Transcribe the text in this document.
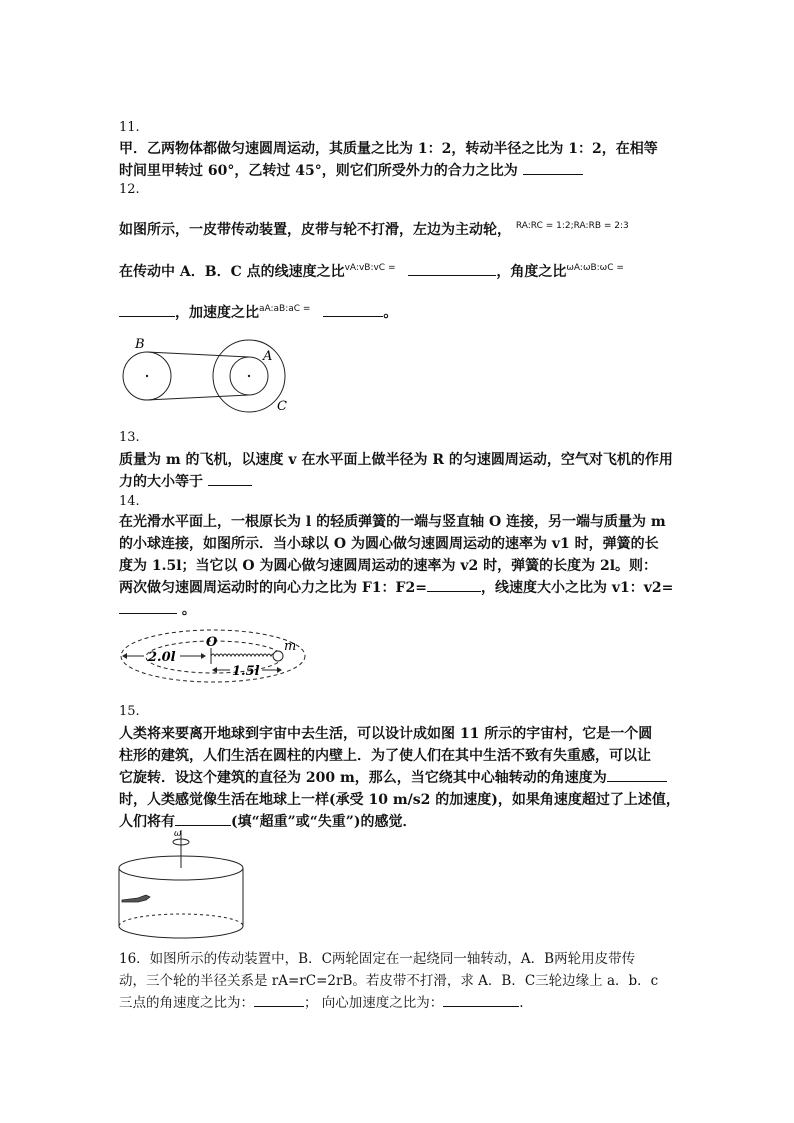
11.
甲．乙两物体都做匀速圆周运动，其质量之比为 1：2，转动半径之比为 1：2，在相等
时间里甲转过 60°，乙转过 45°，则它们所受外力的合力之比为
12.
如图所示，一皮带传动装置，皮带与轮不打滑，左边为主动轮， $^{RA:RC = 1:2;RA:RB = 2:3}$
在传动中 A．B．C 点的线速度之比$^{vA:vB:vC =}$	，角度之比$^{\omega A:\omega B:\omega C =}$
，加速度之比$^{aA:aB:aC =}$	。
B
A
C
13.
质量为 m 的飞机，以速度 v 在水平面上做半径为 R 的匀速圆周运动，空气对飞机的作用
力的大小等于
14.
在光滑水平面上，一根原长为 l 的轻质弹簧的一端与竖直轴 O 连接，另一端与质量为 m
的小球连接，如图所示．当小球以 O 为圆心做匀速圆周运动的速率为 v1 时，弹簧的长
度为 1.5l；当它以 O 为圆心做匀速圆周运动的速率为 v2 时，弹簧的长度为 2l。则：
两次做匀速圆周运动时的向心力之比为 F1：F2=	，线速度大小之比为 v1：v2=
。
2.0l
1.5l
O	m
15.
人类将来要离开地球到宇宙中去生活，可以设计成如图 11 所示的宇宙村，它是一个圆
柱形的建筑，人们生活在圆柱的内壁上．为了使人们在其中生活不致有失重感，可以让
它旋转．设这个建筑的直径为 200 m，那么，当它绕其中心轴转动的角速度为
时，人类感觉像生活在地球上一样(承受 10 m/s2 的加速度)，如果角速度超过了上述值，
人们将有	(填“超重”或“失重”)的感觉．
ω
16．如图所示的传动装置中，B．C两轮固定在一起绕同一轴转动，A．B两轮用皮带传
动，三个轮的半径关系是 rA=rC=2rB。若皮带不打滑，求 A．B．C三轮边缘上 a．b．c
三点的角速度之比为：	； 向心加速度之比为：	.
